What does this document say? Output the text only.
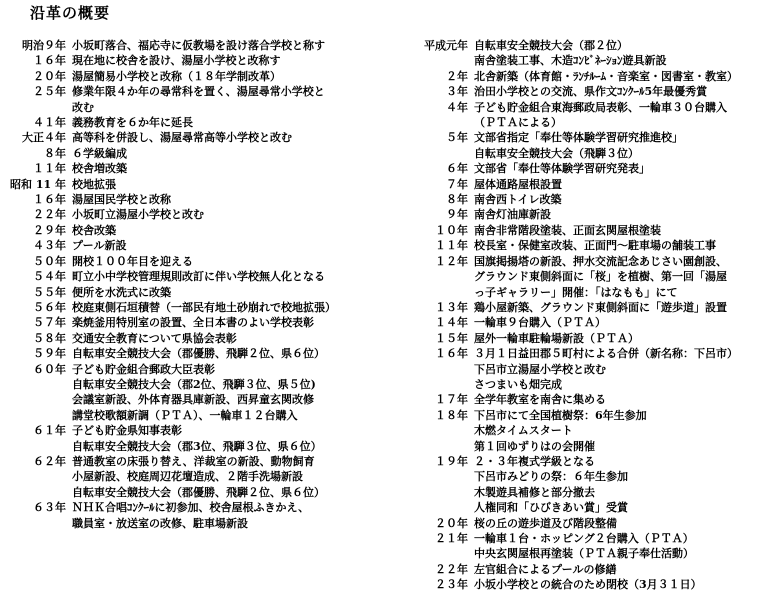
沿革の概要
明治９年 小坂町落合、福応寺に仮教場を設け落合学校と称す
１６年 現在地に校舎を設け、湯屋小学校と改称す
２０年 湯屋簡易小学校と改称（１８年学制改革）
２５年 修業年限４か年の尋常科を置く、湯屋尋常小学校と
改む
４１年 義務教育を６か年に延長
大正４年 高等科を併設し、湯屋尋常高等小学校と改む
８年 ６学級編成
１１年 校舎増改築
昭和 11 年 校地拡張
１６年 湯屋国民学校と改称
２２年 小坂町立湯屋小学校と改む
２９年 校舎改築
４３年 プール新設
５０年 開校１００年目を迎える
５４年 町立小中学校管理規則改訂に伴い学校無人化となる
５５年 便所を水洗式に改築
５６年 校庭東側石垣積替（一部民有地土砂崩れで校地拡張）
５７年 楽焼釜用特別室の設置、全日本書のよい学校表彰
５８年 交通安全教育について県協会表彰
５９年 自転車安全競技大会（郡優勝、飛騨２位、県６位）
６０年 子ども貯金組合郵政大臣表彰
自転車安全競技大会（郡2位、飛騨３位、県５位)
会議室新設、外体育器具庫新設、西昇童玄関改修
講堂校歌額新調（ＰＴＡ）、一輪車１２台購入
６１年 子ども貯金県知事表彰
自転車安全競技大会（郡3位、飛騨３位、県６位）
６２年 普通教室の床張り替え、洋裁室の新設、動物飼育
小屋新設、校庭周辺花壇造成、２階手洗場新設
自転車安全競技大会（郡優勝、飛騨２位、県６位）
６３年 ＮＨＫ合唱ｺﾝｸｰﾙに初参加、校舎屋根ふきかえ、
職員室・放送室の改修、駐車場新設
平成元年 自転車安全競技大会（郡２位）
南舎塗装工事、木造ｺﾝﾋﾞﾈｰｼｮﾝ遊具新設
２年 北舎新築（体育館・ﾗﾝﾁﾙｰﾑ・音楽室・図書室・教室）
３年 治田小学校との交流、県作文ｺﾝｸｰﾙ5年最優秀賞
４年 子ども貯金組合東海郵政局表彰、一輪車３０台購入
（ＰＴＡによる）
５年 文部省指定「奉仕等体験学習研究推進校」
自転車安全競技大会（飛騨３位）
６年 文部省「奉仕等体験学習研究発表」
７年 屋体通路屋根設置
８年 南舎西トイレ改築
９年 南舎灯油庫新設
１０年 南舎非常階段塗装、正面玄関屋根塗装
１１年 校長室・保健室改装、正面門～駐車場の舗装工事
１２年 国旗掲揚塔の新設、押水交流記念あじさい園創設、
グラウンド東側斜面に「桜」を植樹、第一回「湯屋
っ子ギャラリー」開催：「はなもも」にて
１３年 鶏小屋新築、グラウンド東側斜面に「遊歩道」設置
１４年 一輪車９台購入（ＰＴＡ）
１５年 屋外一輪車駐輪場新設（ＰＴＡ）
１６年 ３月１日益田郡５町村による合併（新名称：下呂市）
下呂市立湯屋小学校と改む
さつまいも畑完成
１７年 全学年教室を南舎に集める
１８年 下呂市にて全国植樹祭：6年生参加
木燃タイムスタート
第１回ゆずりはの会開催
１９年 ２・３年複式学級となる
下呂市みどりの祭：６年生参加
木製遊具補修と部分撤去
人権同和「ひびきあい賞」受賞
２０年 桜の丘の遊歩道及び階段整備
２１年 一輪車１台・ホッピング２台購入（ＰＴＡ）
中央玄関屋根再塗装（ＰＴＡ親子奉仕活動）
２２年 左官組合によるプールの修繕
２３年 小坂小学校との統合のため閉校（3月３１日）
